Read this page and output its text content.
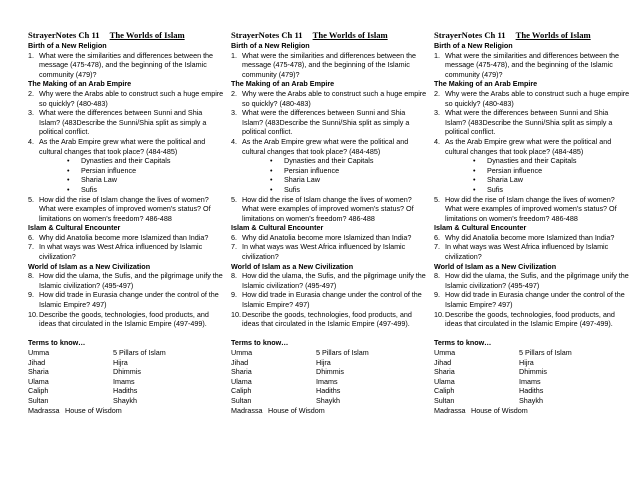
StrayerNotes Ch 11 The Worlds of Islam
Birth of a New Religion
1. What were the similarities and differences between the message (475-478), and the beginning of the Islamic community (479)?
The Making of an Arab Empire
2. Why were the Arabs able to construct such a huge empire so quickly? (480-483)
3. What were the differences between Sunni and Shia Islam? (483Describe the Sunni/Shia split as simply a political conflict.
4. As the Arab Empire grew what were the political and cultural changes that took place? (484-485)
•	Dynasties and their Capitals
•	Persian influence
•	Sharia Law
•	Sufis
5. How did the rise of Islam change the lives of women? What were examples of improved women’s status? Of limitations on women’s freedom? 486-488
Islam & Cultural Encounter
6. Why did Anatolia become more Islamized than India?
7. In what ways was West Africa influenced by Islamic civilization?
World of Islam as a New Civilization
8. How did the ulama, the Sufis, and the pilgrimage unify the Islamic civilization? (495-497)
9. How did trade in Eurasia change under the control of the Islamic Empire? 497)
10. Describe the goods, technologies, food products, and ideas that circulated in the Islamic Empire (497-499).
Terms to know…
Umma	5 Pillars of Islam
Jihad	Hijra
Sharia	Dhimmis
Ulama	Imams
Caliph	Hadiths
Sultan	Shaykh
Madrassa House of Wisdom
StrayerNotes Ch 11 The Worlds of Islam
Birth of a New Religion
1. What were the similarities and differences between the message (475-478), and the beginning of the Islamic community (479)?
The Making of an Arab Empire
2. Why were the Arabs able to construct such a huge empire so quickly? (480-483)
3. What were the differences between Sunni and Shia Islam? (483Describe the Sunni/Shia split as simply a political conflict.
4. As the Arab Empire grew what were the political and cultural changes that took place? (484-485)
•	Dynasties and their Capitals
•	Persian influence
•	Sharia Law
•	Sufis
5. How did the rise of Islam change the lives of women? What were examples of improved women’s status? Of limitations on women’s freedom? 486-488
Islam & Cultural Encounter
6. Why did Anatolia become more Islamized than India?
7. In what ways was West Africa influenced by Islamic civilization?
World of Islam as a New Civilization
8. How did the ulama, the Sufis, and the pilgrimage unify the Islamic civilization? (495-497)
9. How did trade in Eurasia change under the control of the Islamic Empire? 497)
10. Describe the goods, technologies, food products, and ideas that circulated in the Islamic Empire (497-499).
Terms to know…
Umma	5 Pillars of Islam
Jihad	Hijra
Sharia	Dhimmis
Ulama	Imams
Caliph	Hadiths
Sultan	Shaykh
Madrassa House of Wisdom
StrayerNotes Ch 11 The Worlds of Islam
Birth of a New Religion
1. What were the similarities and differences between the message (475-478), and the beginning of the Islamic community (479)?
The Making of an Arab Empire
2. Why were the Arabs able to construct such a huge empire so quickly? (480-483)
3. What were the differences between Sunni and Shia Islam? (483Describe the Sunni/Shia split as simply a political conflict.
4. As the Arab Empire grew what were the political and cultural changes that took place? (484-485)
•	Dynasties and their Capitals
•	Persian influence
•	Sharia Law
•	Sufis
5. How did the rise of Islam change the lives of women? What were examples of improved women’s status? Of limitations on women’s freedom? 486-488
Islam & Cultural Encounter
6. Why did Anatolia become more Islamized than India?
7. In what ways was West Africa influenced by Islamic civilization?
World of Islam as a New Civilization
8. How did the ulama, the Sufis, and the pilgrimage unify the Islamic civilization? (495-497)
9. How did trade in Eurasia change under the control of the Islamic Empire? 497)
10. Describe the goods, technologies, food products, and ideas that circulated in the Islamic Empire (497-499).
Terms to know…
Umma	5 Pillars of Islam
Jihad	Hijra
Sharia	Dhimmis
Ulama	Imams
Caliph	Hadiths
Sultan	Shaykh
Madrassa House of Wisdom
